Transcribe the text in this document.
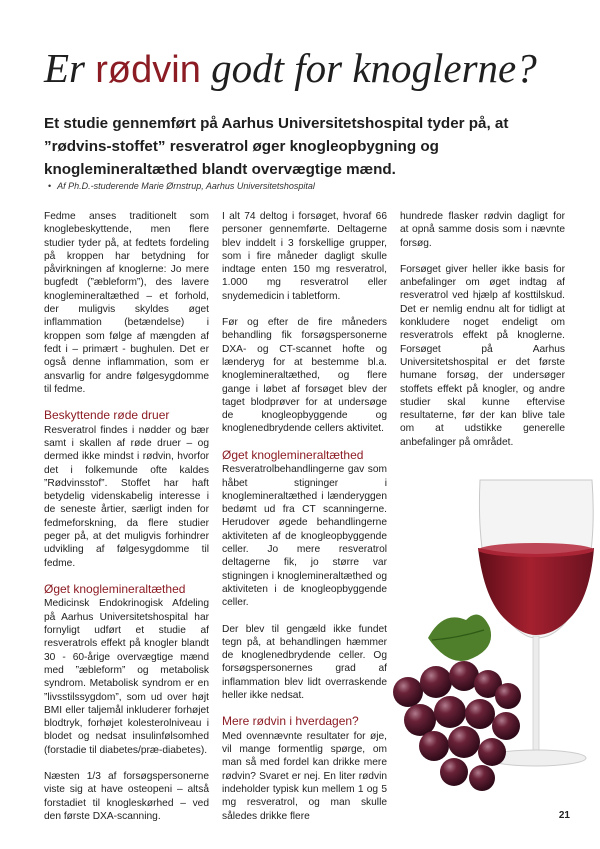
Er rødvin godt for knoglerne?
Et studie gennemført på Aarhus Universitetshospital tyder på, at ”rødvins-stoffet” resveratrol øger knogleopbygning og knoglemineraltæthed blandt overvægtige mænd.
• Af Ph.D.-studerende Marie Ørnstrup, Aarhus Universitetshospital

Fedme anses traditionelt som knoglebeskyttende, men flere studier tyder på, at fedtets fordeling på kroppen har betydning for påvirkningen af knoglerne: Jo mere bugfedt (”æbleform”), des lavere knoglemineraltæthed – et forhold, der muligvis skyldes øget inflammation (betændelse) i kroppen som følge af mængden af fedt i – primært - bughulen. Det er også denne inflammation, som er ansvarlig for andre følgesygdomme til fedme.

Beskyttende røde druer

Resveratrol findes i nødder og bær samt i skallen af røde druer – og dermed ikke mindst i rødvin, hvorfor det i folkemunde ofte kaldes ”Rødvinsstof”. Stoffet har haft betydelig videnskabelig interesse i de seneste årtier, særligt inden for fedmeforskning, da flere studier peger på, at det muligvis forhindrer udvikling af følgesygdomme til fedme.

Øget knoglemineraltæthed

Medicinsk Endokrinogisk Afdeling på Aarhus Universitetshospital har fornyligt udført et studie af resveratrols effekt på knogler blandt 30 - 60-årige overvægtige mænd med ”æbleform” og metabolisk syndrom. Metabolisk syndrom er en ”livsstilssygdom”, som ud over højt BMI eller taljemål inkluderer forhøjet blodtryk, forhøjet kolesterolniveau i blodet og nedsat insulinfølsomhed (forstadie til diabetes/præ-diabetes).

Næsten 1/3 af forsøgspersonerne viste sig at have osteopeni – altså forstadiet til knogleskørhed – ved den første DXA-scanning.

I alt 74 deltog i forsøget, hvoraf 66 personer gennemførte. Deltagerne blev inddelt i 3 forskellige grupper, som i fire måneder dagligt skulle indtage enten 150 mg resveratrol, 1.000 mg resveratrol eller snydemedicin i tabletform.

Før og efter de fire måneders behandling fik forsøgspersonerne DXA- og CT-scannet hofte og lænderyg for at bestemme bl.a. knoglemineraltæthed, og flere gange i løbet af forsøget blev der taget blodprøver for at undersøge de knogleopbyggende og knoglenedbrydende cellers aktivitet.

Øget knoglemineraltæthed

Resveratrolbehandlingerne gav som håbet stigninger i knoglemineraltæthed i lænderyggen bedømt ud fra CT scanningerne. Herudover øgede behandlingerne aktiviteten af de knogleopbyggende celler. Jo mere resveratrol deltagerne fik, jo større var stigningen i knoglemineraltæthed og aktiviteten i de knogleopbyggende celler.

Der blev til gengæld ikke fundet tegn på, at behandlingen hæmmer de knoglenedbrydende celler. Og forsøgspersonernes grad af inflammation blev lidt overraskende heller ikke nedsat.

Mere rødvin i hverdagen?

Med ovennævnte resultater for øje, vil mange formentlig spørge, om man så med fordel kan drikke mere rødvin? Svaret er nej. En liter rødvin indeholder typisk kun mellem 1 og 5 mg resveratrol, og man skulle således drikke flere

hundrede flasker rødvin dagligt for at opnå samme dosis som i nævnte forsøg.

Forsøget giver heller ikke basis for anbefalinger om øget indtag af resveratrol ved hjælp af kosttilskud. Det er nemlig endnu alt for tidligt at konkludere noget endeligt om resveratrols effekt på knoglerne. Forsøget på Aarhus Universitetshospital er det første humane forsøg, der undersøger stoffets effekt på knogler, og andre studier skal kunne eftervise resultaterne, før der kan blive tale om at udstikke generelle anbefalinger på området.

21
